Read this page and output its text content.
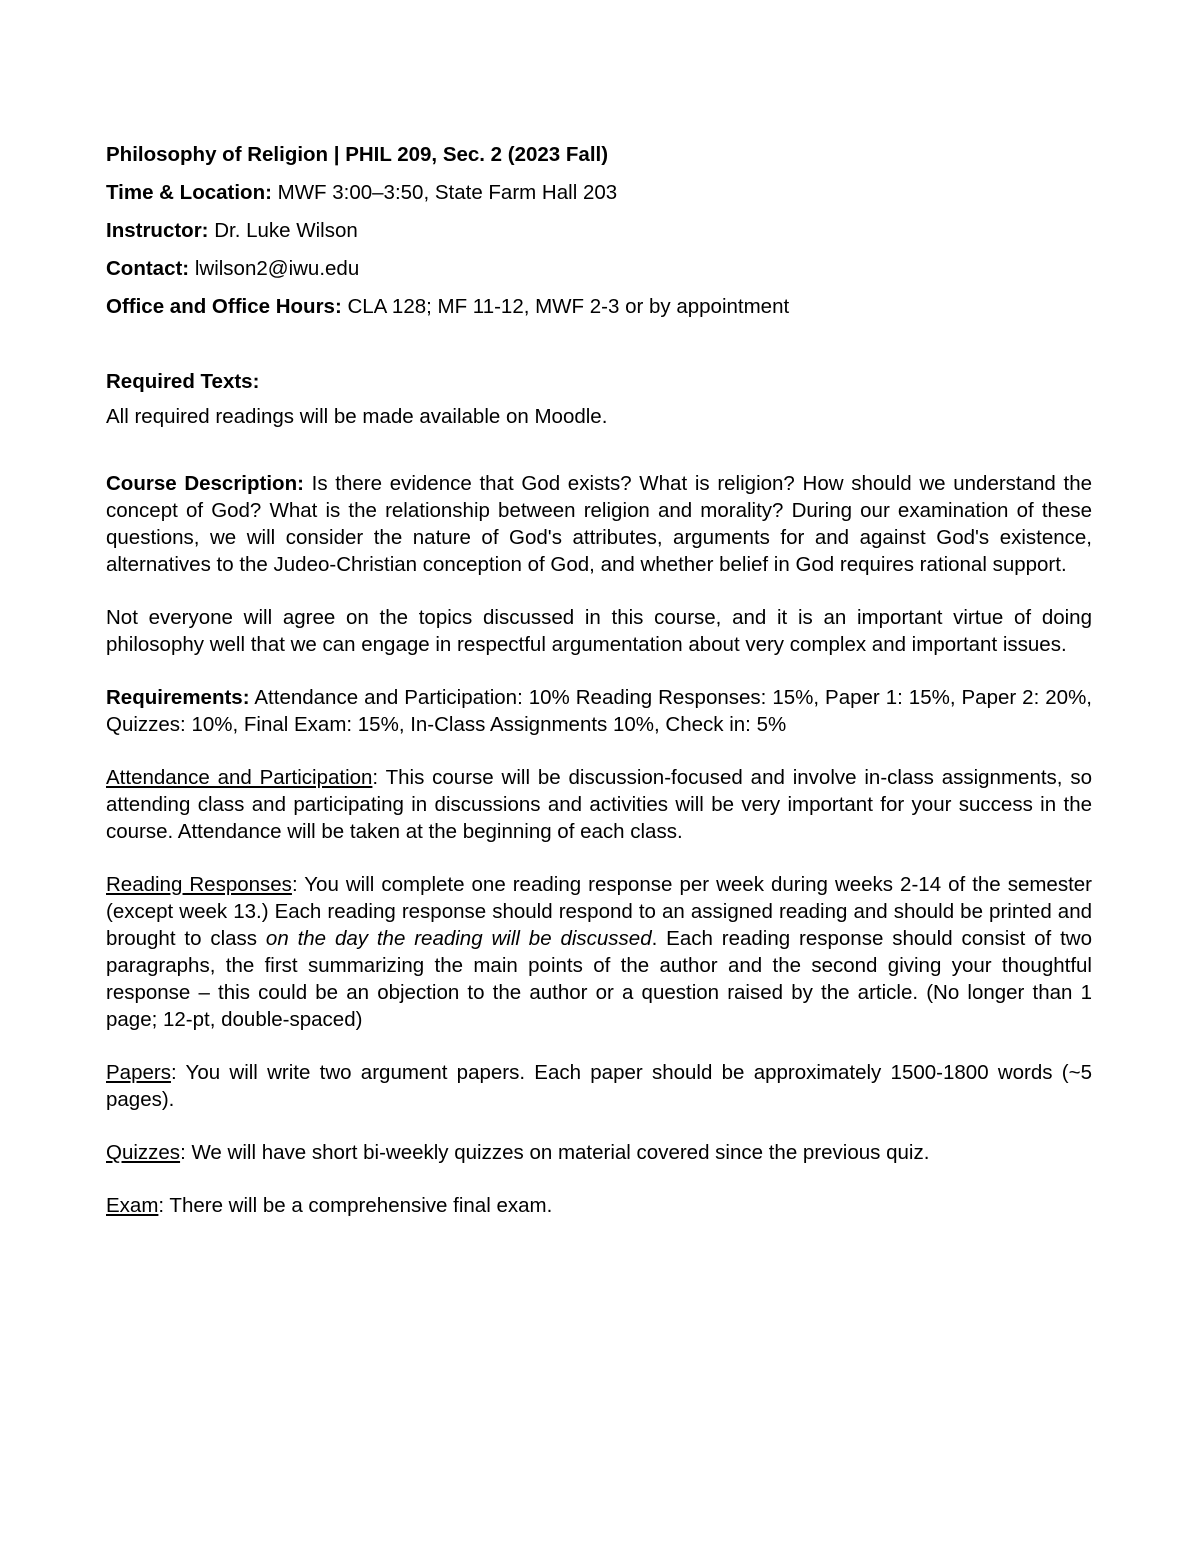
Philosophy of Religion | PHIL 209, Sec. 2 (2023 Fall)
Time & Location: MWF 3:00–3:50, State Farm Hall 203
Instructor: Dr. Luke Wilson
Contact: lwilson2@iwu.edu
Office and Office Hours: CLA 128; MF 11-12, MWF 2-3 or by appointment
Required Texts:
All required readings will be made available on Moodle.

Course Description: Is there evidence that God exists? What is religion? How should we understand the concept of God? What is the relationship between religion and morality? During our examination of these questions, we will consider the nature of God's attributes, arguments for and against God's existence, alternatives to the Judeo-Christian conception of God, and whether belief in God requires rational support.

Not everyone will agree on the topics discussed in this course, and it is an important virtue of doing philosophy well that we can engage in respectful argumentation about very complex and important issues.

Requirements: Attendance and Participation: 10% Reading Responses: 15%, Paper 1: 15%, Paper 2: 20%, Quizzes: 10%, Final Exam: 15%, In-Class Assignments 10%, Check in: 5%

Attendance and Participation: This course will be discussion-focused and involve in-class assignments, so attending class and participating in discussions and activities will be very important for your success in the course. Attendance will be taken at the beginning of each class.

Reading Responses: You will complete one reading response per week during weeks 2-14 of the semester (except week 13.) Each reading response should respond to an assigned reading and should be printed and brought to class on the day the reading will be discussed. Each reading response should consist of two paragraphs, the first summarizing the main points of the author and the second giving your thoughtful response – this could be an objection to the author or a question raised by the article. (No longer than 1 page; 12-pt, double-spaced)

Papers: You will write two argument papers. Each paper should be approximately 1500-1800 words (~5 pages).

Quizzes: We will have short bi-weekly quizzes on material covered since the previous quiz.

Exam: There will be a comprehensive final exam.
